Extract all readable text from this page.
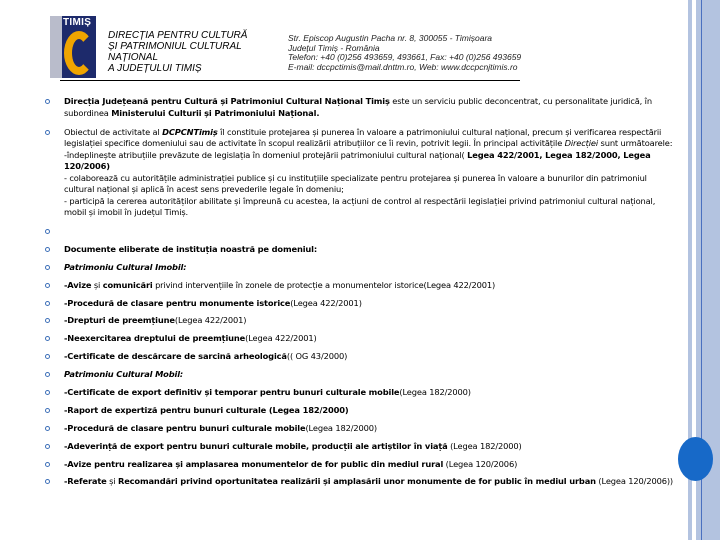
TIMIȘ
DIRECȚIA PENTRU CULTURĂ
ȘI PATRIMONIUL CULTURAL
NAȚIONAL
A JUDEȚULUI TIMIȘ
Str. Episcop Augustin Pacha nr. 8, 300055 - Timișoara
Județul Timiș - România
Telefon: +40 (0)256 493659, 493661, Fax: +40 (0)256 493659
E-mail: dccpctimis@mail.dnttm.ro, Web: www.dccpcnjtimis.ro
Direcția Județeană pentru Cultură și Patrimoniul Cultural Național Timiș este un serviciu public deconcentrat, cu personalitate juridică, în subordinea Ministerului Culturii și Patrimoniului Național.
Obiectul de activitate al DCPCNTimiș îl constituie protejarea și punerea în valoare a patrimoniului cultural național, precum și verificarea respectării legislației specifice domeniului sau de activitate în scopul realizării atribuțiilor ce îi revin, potrivit legii. În principal activitățile Direcției sunt următoarele:
-îndeplinește atribuțiile prevăzute de legislația în domeniul protejării patrimoniului cultural național( Legea 422/2001, Legea 182/2000, Legea 120/2006)
- colaborează cu autoritățile administrației publice și cu instituțiile specializate pentru protejarea și punerea în valoare a bunurilor din patrimoniul cultural național și aplică în acest sens prevederile legale în domeniu;
- participă la cererea autorităților abilitate și împreună cu acestea, la acțiuni de control al respectării legislației privind patrimoniul cultural național, mobil și imobil în județul Timiș.

Documente eliberate de instituția noastră pe domeniul:
Patrimoniu Cultural Imobil:
-Avize și comunicări privind intervențiile în zonele de protecție a monumentelor istorice(Legea 422/2001)
-Procedură de clasare pentru monumente istorice(Legea 422/2001)
-Drepturi de preemțiune(Legea 422/2001)
-Neexercitarea dreptului de preemțiune(Legea 422/2001)
-Certificate de descărcare de sarcină arheologică(( OG 43/2000)
Patrimoniu Cultural Mobil:
-Certificate de export definitiv și temporar pentru bunuri culturale mobile(Legea 182/2000)
-Raport de expertiză pentru bunuri culturale (Legea 182/2000)
-Procedură de clasare pentru bunuri culturale mobile(Legea 182/2000)
-Adeverință de export pentru bunuri culturale mobile, producții ale artiștilor în viață (Legea 182/2000)
-Avize pentru realizarea și amplasarea monumentelor de for public din mediul rural (Legea 120/2006)
-Referate și Recomandări privind oportunitatea realizării și amplasării unor monumente de for public în mediul urban (Legea 120/2006))
